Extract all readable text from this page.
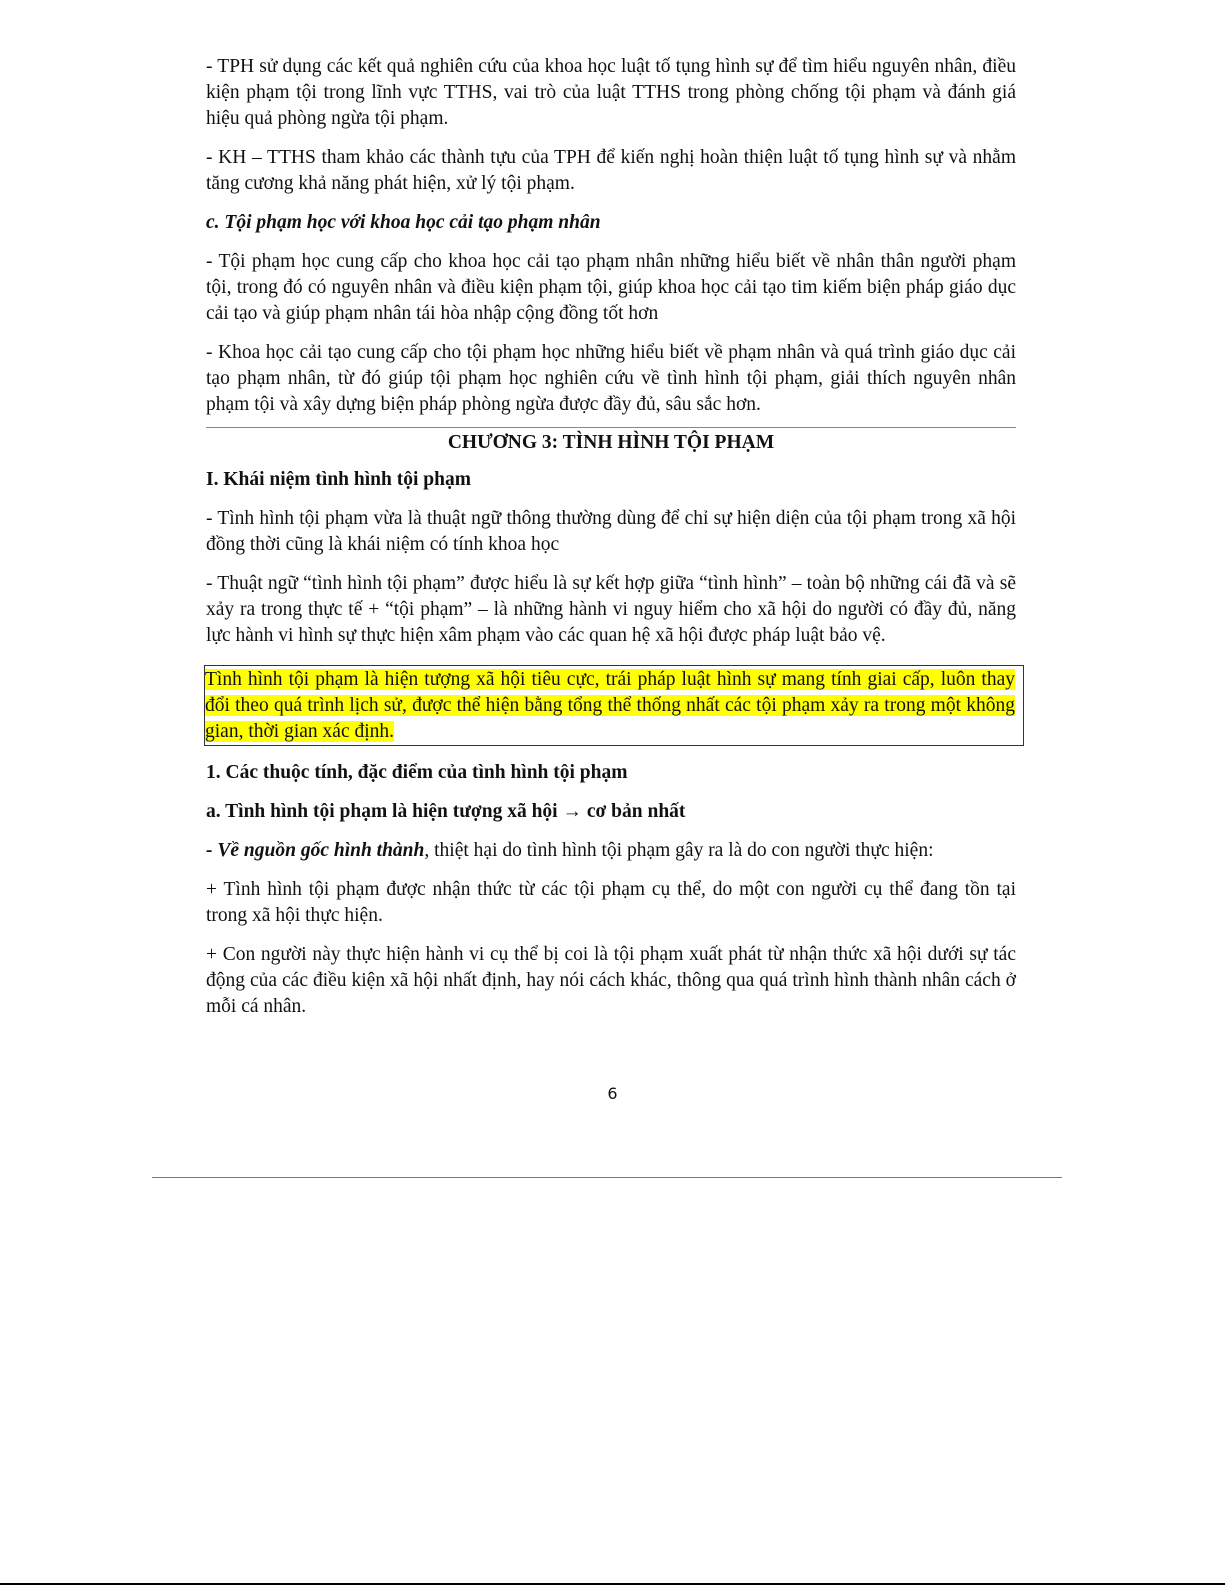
- TPH sử dụng các kết quả nghiên cứu của khoa học luật tố tụng hình sự để tìm hiểu nguyên nhân, điều kiện phạm tội trong lĩnh vực TTHS, vai trò của luật TTHS trong phòng chống tội phạm và đánh giá hiệu quả phòng ngừa tội phạm.

- KH – TTHS tham khảo các thành tựu của TPH để kiến nghị hoàn thiện luật tố tụng hình sự và nhằm tăng cương khả năng phát hiện, xử lý tội phạm.

c. Tội phạm học với khoa học cải tạo phạm nhân

- Tội phạm học cung cấp cho khoa học cải tạo phạm nhân những hiểu biết về nhân thân người phạm tội, trong đó có nguyên nhân và điều kiện phạm tội, giúp khoa học cải tạo tim kiếm biện pháp giáo dục cải tạo và giúp phạm nhân tái hòa nhập cộng đồng tốt hơn

- Khoa học cải tạo cung cấp cho tội phạm học những hiểu biết về phạm nhân và quá trình giáo dục cải tạo phạm nhân, từ đó giúp tội phạm học nghiên cứu về tình hình tội phạm, giải thích nguyên nhân phạm tội và xây dựng biện pháp phòng ngừa được đầy đủ, sâu sắc hơn.

CHƯƠNG 3: TÌNH HÌNH TỘI PHẠM

I. Khái niệm tình hình tội phạm

- Tình hình tội phạm vừa là thuật ngữ thông thường dùng để chỉ sự hiện diện của tội phạm trong xã hội đồng thời cũng là khái niệm có tính khoa học

- Thuật ngữ “tình hình tội phạm” được hiểu là sự kết hợp giữa “tình hình” – toàn bộ những cái đã và sẽ xảy ra trong thực tế + “tội phạm” – là những hành vi nguy hiểm cho xã hội do người có đầy đủ, năng lực hành vi hình sự thực hiện xâm phạm vào các quan hệ xã hội được pháp luật bảo vệ.

Tình hình tội phạm là hiện tượng xã hội tiêu cực, trái pháp luật hình sự mang tính giai cấp, luôn thay đổi theo quá trình lịch sử, được thể hiện bằng tổng thể thống nhất các tội phạm xảy ra trong một không gian, thời gian xác định.

1. Các thuộc tính, đặc điểm của tình hình tội phạm

a. Tình hình tội phạm là hiện tượng xã hội → cơ bản nhất

- Về nguồn gốc hình thành, thiệt hại do tình hình tội phạm gây ra là do con người thực hiện:

+ Tình hình tội phạm được nhận thức từ các tội phạm cụ thể, do một con người cụ thể đang tồn tại trong xã hội thực hiện.

+ Con người này thực hiện hành vi cụ thể bị coi là tội phạm xuất phát từ nhận thức xã hội dưới sự tác động của các điều kiện xã hội nhất định, hay nói cách khác, thông qua quá trình hình thành nhân cách ở mỗi cá nhân.

6
